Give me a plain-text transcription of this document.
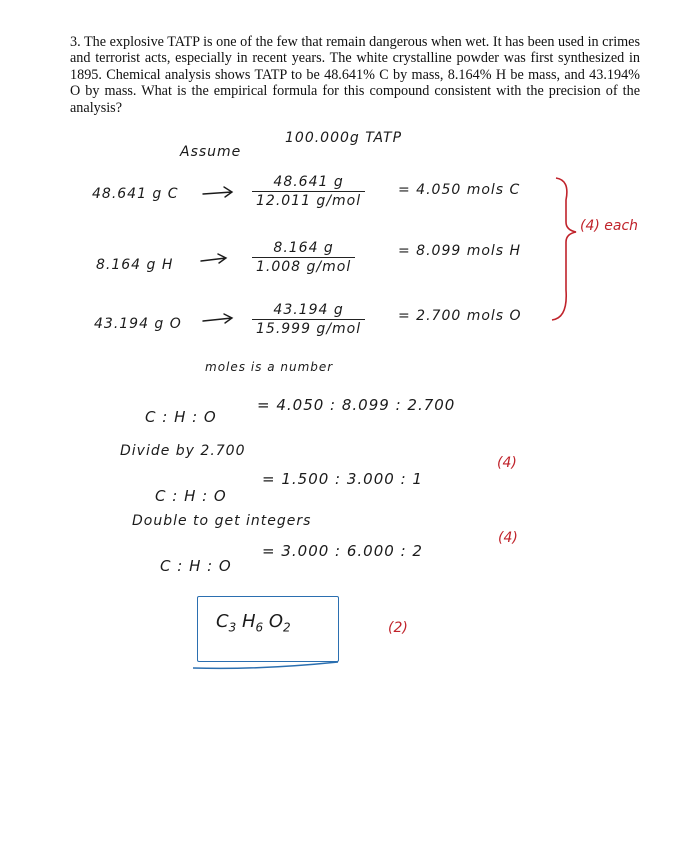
3. The explosive TATP is one of the few that remain dangerous when wet. It has been used in crimes and terrorist acts, especially in recent years. The white crystalline powder was first synthesized in 1895. Chemical analysis shows TATP to be 48.641% C by mass, 8.164% H be mass, and 43.194% O by mass. What is the empirical formula for this compound consistent with the precision of the analysis?
Assume
100.000g TATP
48.641 g C
48.641 g
12.011 g/mol
= 4.050 mols C
8.164 g H
8.164 g
1.008 g/mol
= 8.099 mols H
43.194 g O
43.194 g
15.999 g/mol
= 2.700 mols O
(4) each
moles is a number
C : H : O
= 4.050 : 8.099 : 2.700
Divide by 2.700
C : H : O
= 1.500 : 3.000 : 1
(4)
Double to get integers
C : H : O
= 3.000 : 6.000 : 2
(4)
$C_3$ $H_6$ $O_2$	(2)
